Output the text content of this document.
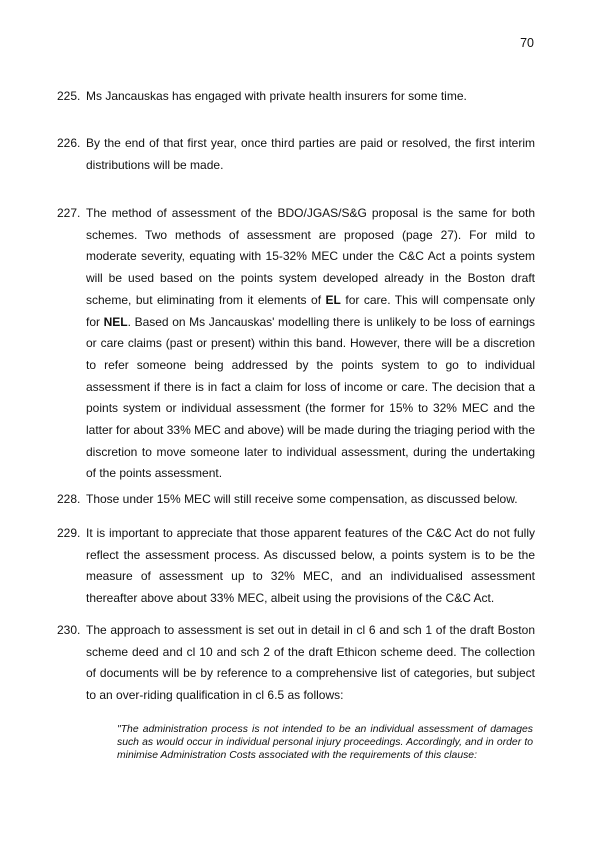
70
225. Ms Jancauskas has engaged with private health insurers for some time.
226. By the end of that first year, once third parties are paid or resolved, the first interim distributions will be made.
227. The method of assessment of the BDO/JGAS/S&G proposal is the same for both schemes. Two methods of assessment are proposed (page 27). For mild to moderate severity, equating with 15-32% MEC under the C&C Act a points system will be used based on the points system developed already in the Boston draft scheme, but eliminating from it elements of EL for care. This will compensate only for NEL. Based on Ms Jancauskas' modelling there is unlikely to be loss of earnings or care claims (past or present) within this band. However, there will be a discretion to refer someone being addressed by the points system to go to individual assessment if there is in fact a claim for loss of income or care. The decision that a points system or individual assessment (the former for 15% to 32% MEC and the latter for about 33% MEC and above) will be made during the triaging period with the discretion to move someone later to individual assessment, during the undertaking of the points assessment.
228. Those under 15% MEC will still receive some compensation, as discussed below.
229. It is important to appreciate that those apparent features of the C&C Act do not fully reflect the assessment process. As discussed below, a points system is to be the measure of assessment up to 32% MEC, and an individualised assessment thereafter above about 33% MEC, albeit using the provisions of the C&C Act.
230. The approach to assessment is set out in detail in cl 6 and sch 1 of the draft Boston scheme deed and cl 10 and sch 2 of the draft Ethicon scheme deed. The collection of documents will be by reference to a comprehensive list of categories, but subject to an over-riding qualification in cl 6.5 as follows:
"The administration process is not intended to be an individual assessment of damages such as would occur in individual personal injury proceedings. Accordingly, and in order to minimise Administration Costs associated with the requirements of this clause:
